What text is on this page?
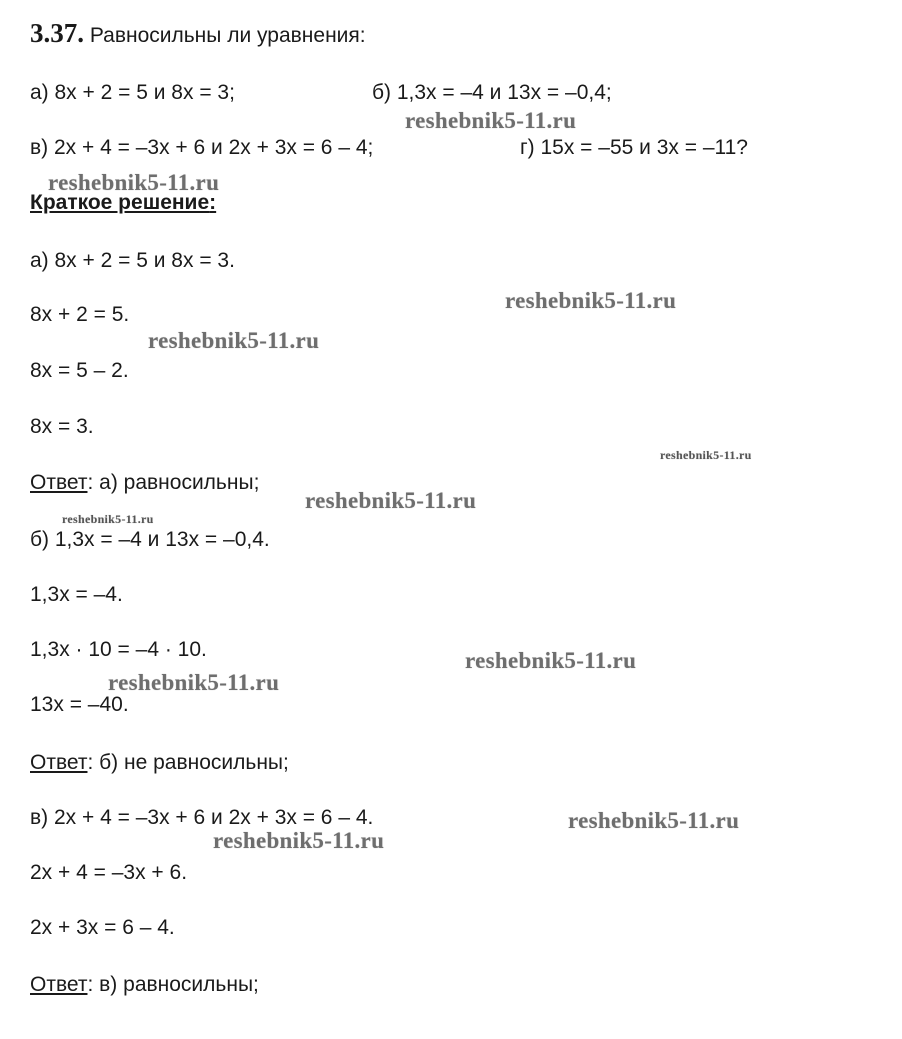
3.37. Равносильны ли уравнения:
а) 8х + 2 = 5 и 8х = 3;	б) 1,3х = –4 и 13х = –0,4;
в) 2х + 4 = –3х + 6 и 2х + 3х = 6 – 4;	г) 15х = –55 и 3х = –11?
Краткое решение:
а) 8х + 2 = 5 и 8х = 3.
8х + 2 = 5.
8х = 5 – 2.
8х = 3.
Ответ: а) равносильны;
б) 1,3х = –4 и 13х = –0,4.
1,3х = –4.
1,3х · 10 = –4 · 10.
13х = –40.
Ответ: б) не равносильны;
в) 2х + 4 = –3х + 6 и 2х + 3х = 6 – 4.
2х + 4 = –3х + 6.
2х + 3х = 6 – 4.
Ответ: в) равносильны;
reshebnik5-11.ru
reshebnik5-11.ru
reshebnik5-11.ru
reshebnik5-11.ru
reshebnik5-11.ru
reshebnik5-11.ru
reshebnik5-11.ru
reshebnik5-11.ru
reshebnik5-11.ru
reshebnik5-11.ru
reshebnik5-11.ru
